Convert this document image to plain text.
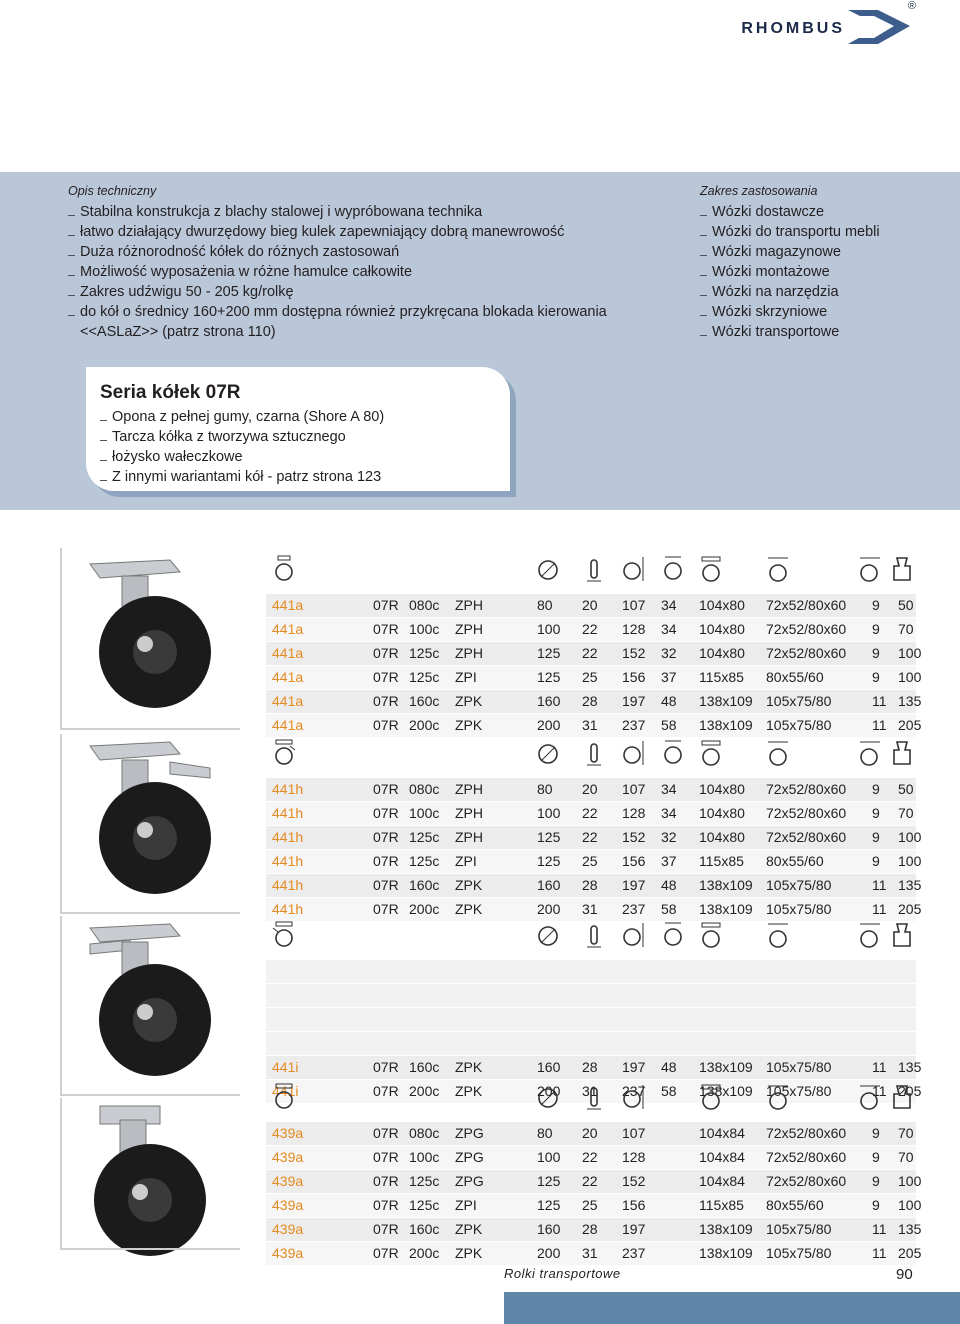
RHOMBUS
®
Opis techniczny
Stabilna konstrukcja z blachy stalowej i wypróbowana technika
łatwo działający dwurzędowy bieg kulek zapewniający dobrą manewrowość
Duża różnorodność kółek do różnych zastosowań
Możliwość wyposażenia w różne hamulce całkowite
Zakres udźwigu 50 - 205 kg/rolkę
do kół o średnicy 160+200 mm dostępna również przykręcana blokada kierowania
<<ASLaZ>> (patrz strona 110)
Zakres zastosowania
Wózki dostawcze
Wózki do transportu mebli
Wózki magazynowe
Wózki montażowe
Wózki na narzędzia
Wózki skrzyniowe
Wózki transportowe
Seria kółek 07R
Opona z pełnej gumy, czarna (Shore A 80)
Tarcza kółka z tworzywa sztucznego
łożysko wałeczkowe
Z innymi wariantami kół - patrz strona 123
441a	07R 080c ZPH	80 20 107 34 104x80 72x52/80x60 9 50
441a	07R 100c ZPH	100 22 128 34 104x80 72x52/80x60 9 70
441a	07R 125c ZPH	125 22 152 32 104x80 72x52/80x60 9 100
441a	07R 125c ZPI	125 25 156 37 115x85 80x55/60	9 100
441a	07R 160c ZPK	160 28 197 48 138x109 105x75/80	11 135
441a	07R 200c ZPK	200 31 237 58 138x109 105x75/80	11 205
441h	07R 080c ZPH	80 20 107 34 104x80 72x52/80x60 9 50
441h	07R 100c ZPH	100 22 128 34 104x80 72x52/80x60 9 70
441h	07R 125c ZPH	125 22 152 32 104x80 72x52/80x60 9 100
441h	07R 125c ZPI	125 25 156 37 115x85 80x55/60	9 100
441h	07R 160c ZPK	160 28 197 48 138x109 105x75/80	11 135
441h	07R 200c ZPK	200 31 237 58 138x109 105x75/80	11 205
441i	07R 160c ZPK	160 28 197 48 138x109 105x75/80	11 135
441i	07R 200c ZPK	200 31 237 58 138x109 105x75/80	11 205
439a	07R 080c ZPG	80 20 107	104x84 72x52/80x60 9 70
439a	07R 100c ZPG	100 22 128	104x84 72x52/80x60 9 70
439a	07R 125c ZPG	125 22 152	104x84 72x52/80x60 9 100
439a	07R 125c ZPI	125 25 156	115x85 80x55/60	9 100
439a	07R 160c ZPK	160 28 197	138x109 105x75/80	11 135
439a	07R 200c ZPK	200 31 237	138x109 105x75/80	11 205
Rolki transportowe	90
